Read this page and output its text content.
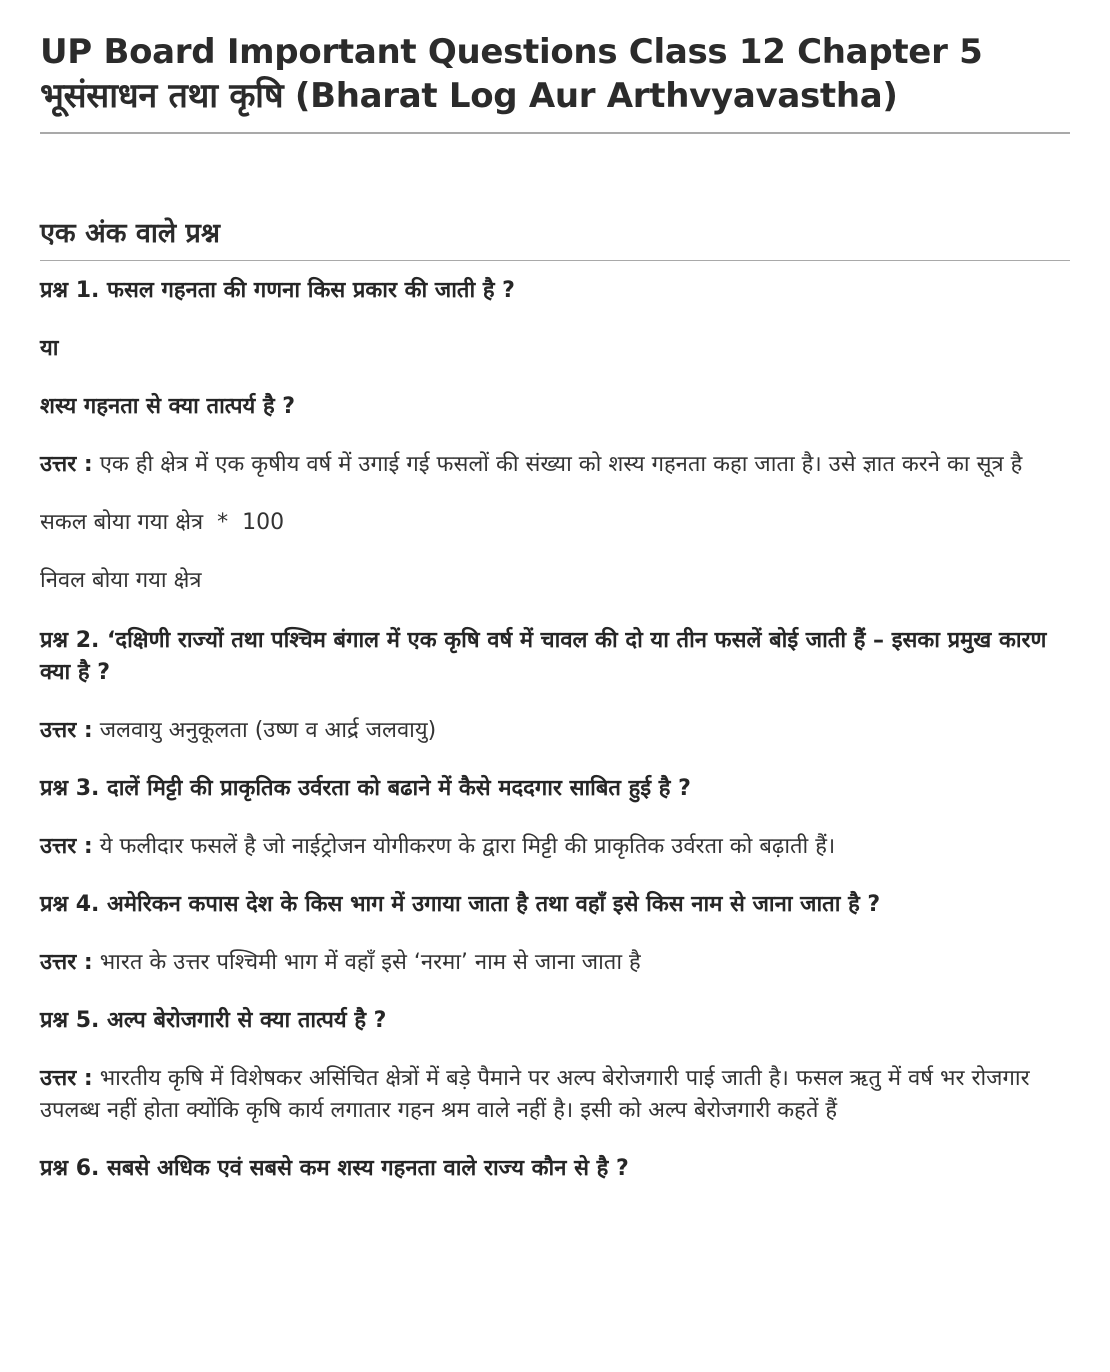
UP Board Important Questions Class 12 Chapter 5
भूसंसाधन तथा कृषि (Bharat Log Aur Arthvyavastha)
एक अंक वाले प्रश्न

प्रश्न 1. फसल गहनता की गणना किस प्रकार की जाती है ?

या

शस्य गहनता से क्या तात्पर्य है ?

उत्तर : एक ही क्षेत्र में एक कृषीय वर्ष में उगाई गई फसलों की संख्या को शस्य गहनता कहा जाता है। उसे ज्ञात करने का सूत्र है

सकल बोया गया क्षेत्र  *  100

निवल बोया गया क्षेत्र

प्रश्न 2. ‘दक्षिणी राज्यों तथा पश्चिम बंगाल में एक कृषि वर्ष में चावल की दो या तीन फसलें बोई जाती हैं – इसका प्रमुख कारण क्या है ?

उत्तर : जलवायु अनुकूलता (उष्ण व आर्द्र जलवायु)

प्रश्न 3. दालें मिट्टी की प्राकृतिक उर्वरता को बढाने में कैसे मददगार साबित हुई है ?

उत्तर : ये फलीदार फसलें है जो नाईट्रोजन योगीकरण के द्वारा मिट्टी की प्राकृतिक उर्वरता को बढ़ाती हैं।

प्रश्न 4. अमेरिकन कपास देश के किस भाग में उगाया जाता है तथा वहाँ इसे किस नाम से जाना जाता है ?

उत्तर : भारत के उत्तर पश्चिमी भाग में वहाँ इसे ‘नरमा’ नाम से जाना जाता है

प्रश्न 5. अल्प बेरोजगारी से क्या तात्पर्य है ?

उत्तर : भारतीय कृषि में विशेषकर असिंचित क्षेत्रों में बड़े पैमाने पर अल्प बेरोजगारी पाई जाती है। फसल ऋतु में वर्ष भर रोजगार उपलब्ध नहीं होता क्योंकि कृषि कार्य लगातार गहन श्रम वाले नहीं है। इसी को अल्प बेरोजगारी कहतें हैं

प्रश्न 6. सबसे अधिक एवं सबसे कम शस्य गहनता वाले राज्य कौन से है ?
